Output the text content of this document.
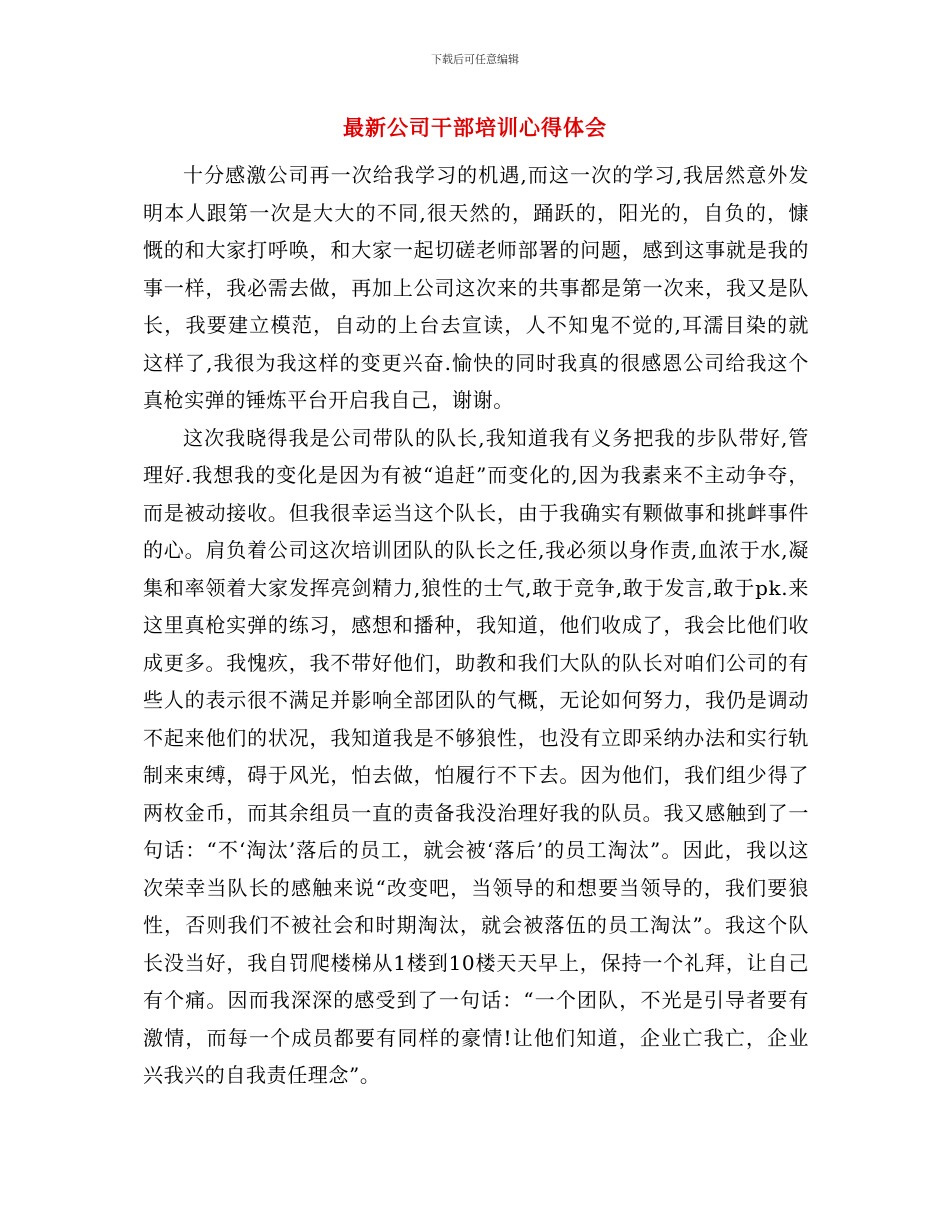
下载后可任意编辑
最新公司干部培训心得体会

十分感激公司再一次给我学习的机遇,而这一次的学习,我居然意外发明本人跟第一次是大大的不同,很天然的，踊跃的，阳光的，自负的，慷慨的和大家打呼唤，和大家一起切磋老师部署的问题，感到这事就是我的事一样，我必需去做，再加上公司这次来的共事都是第一次来，我又是队长，我要建立模范，自动的上台去宣读，人不知鬼不觉的,耳濡目染的就这样了,我很为我这样的变更兴奋.愉快的同时我真的很感恩公司给我这个真枪实弹的锤炼平台开启我自己，谢谢。

这次我晓得我是公司带队的队长,我知道我有义务把我的步队带好,管理好.我想我的变化是因为有被“追赶”而变化的,因为我素来不主动争夺，而是被动接收。但我很幸运当这个队长，由于我确实有颗做事和挑衅事件的心。肩负着公司这次培训团队的队长之任,我必须以身作责,血浓于水,凝集和率领着大家发挥亮剑精力,狼性的士气,敢于竞争,敢于发言,敢于pk.来这里真枪实弹的练习，感想和播种，我知道，他们收成了，我会比他们收成更多。我愧疚，我不带好他们，助教和我们大队的队长对咱们公司的有些人的表示很不满足并影响全部团队的气概，无论如何努力，我仍是调动不起来他们的状况，我知道我是不够狼性，也没有立即采纳办法和实行轨制来束缚，碍于风光，怕去做，怕履行不下去。因为他们，我们组少得了两枚金币，而其余组员一直的责备我没治理好我的队员。我又感触到了一句话：“不‘淘汰’落后的员工，就会被‘落后’的员工淘汰”。因此，我以这次荣幸当队长的感触来说“改变吧，当领导的和想要当领导的，我们要狼性，否则我们不被社会和时期淘汰，就会被落伍的员工淘汰”。我这个队长没当好，我自罚爬楼梯从1楼到10楼天天早上，保持一个礼拜，让自己有个痛。因而我深深的感受到了一句话：“一个团队，不光是引导者要有激情，而每一个成员都要有同样的豪情!让他们知道，企业亡我亡，企业兴我兴的自我责任理念”。
